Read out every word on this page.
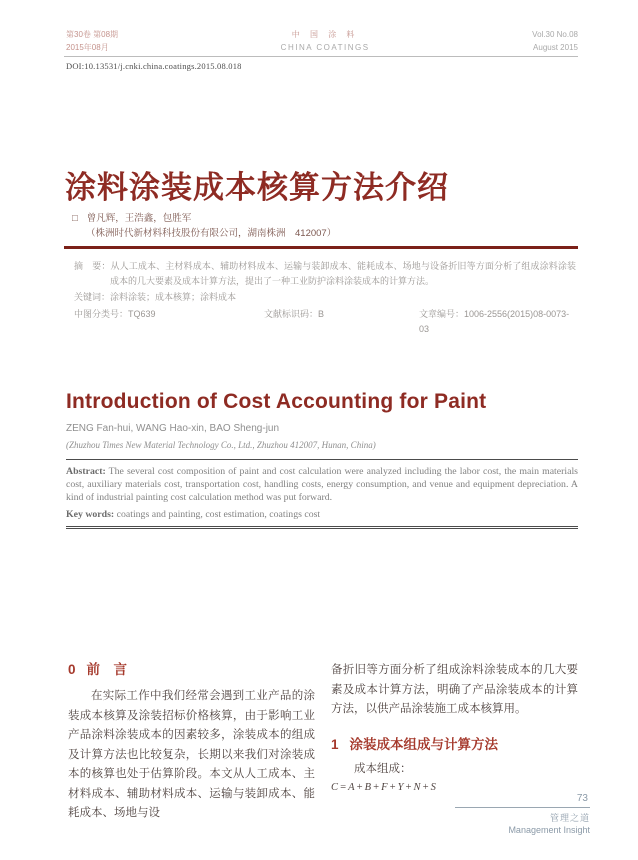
第30卷 第08期
2015年08月
中 国 涂 料
CHINA COATINGS
Vol.30 No.08
August 2015
DOI:10.13531/j.cnki.china.coatings.2015.08.018
涂料涂装成本核算方法介绍
□ 曾凡辉，王浩鑫，包胜军
（株洲时代新材料科技股份有限公司，湖南株洲　412007）

摘　要：从人工成本、主材料成本、辅助材料成本、运输与装卸成本、能耗成本、场地与设备折旧等方面分析了组成涂料涂装成本的几大要素及成本计算方法，提出了一种工业防护涂料涂装成本的计算方法。

关键词：涂料涂装；成本核算；涂料成本

中图分类号：TQ639	文献标识码：B	文章编号：1006-2556(2015)08-0073-03

Introduction of Cost Accounting for Paint
ZENG Fan-hui, WANG Hao-xin, BAO Sheng-jun
(Zhuzhou Times New Material Technology Co., Ltd., Zhuzhou 412007, Hunan, China)

Abstract: The several cost composition of paint and cost calculation were analyzed including the labor cost, the main materials cost, auxiliary materials cost, transportation cost, handling costs, energy consumption, and venue and equipment depreciation. A kind of industrial painting cost calculation method was put forward.

Key words: coatings and painting, cost estimation, coatings cost

0 前　言

在实际工作中我们经常会遇到工业产品的涂装成本核算及涂装招标价格核算，由于影响工业产品涂料涂装成本的因素较多，涂装成本的组成及计算方法也比较复杂，长期以来我们对涂装成本的核算也处于估算阶段。本文从人工成本、主材料成本、辅助材料成本、运输与装卸成本、能耗成本、场地与设

备折旧等方面分析了组成涂料涂装成本的几大要素及成本计算方法，明确了产品涂装成本的计算方法，以供产品涂装施工成本核算用。

1 涂装成本组成与计算方法

成本组成：

C=A+B+F+Y+N+S

73
管理之道
Management Insight
